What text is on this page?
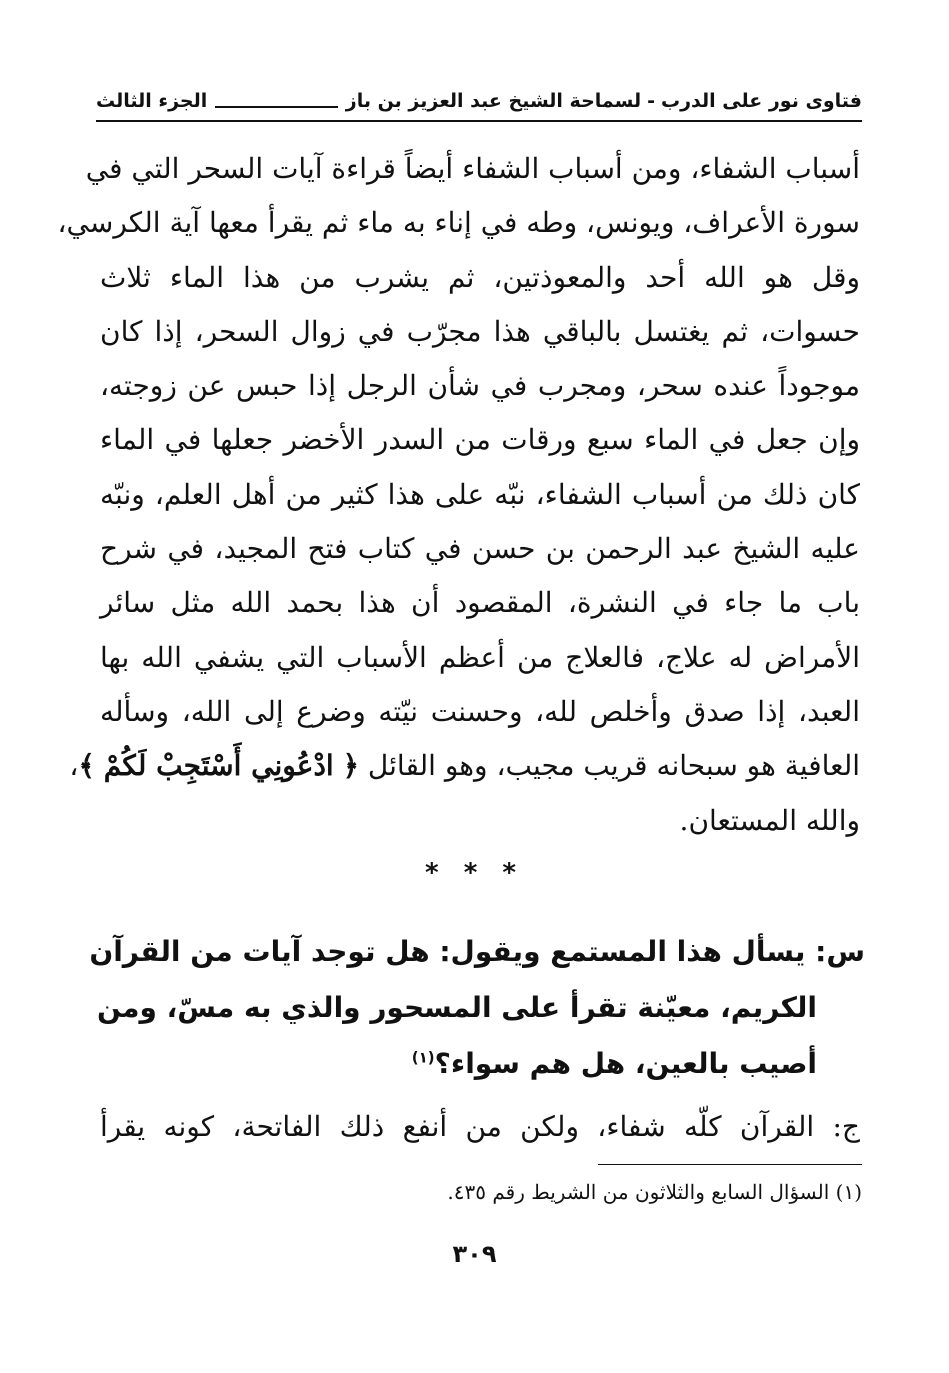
فتاوى نور على الدرب
-
لسماحة الشيخ عبد العزيز بن باز
الجزء الثالث
أسباب الشفاء، ومن أسباب الشفاء أيضاً قراءة آيات السحر التي في
سورة الأعراف، ويونس، وطه في إناء به ماء ثم يقرأ معها آية الكرسي،
وقل هو الله أحد والمعوذتين، ثم يشرب من هذا الماء ثلاث
حسوات، ثم يغتسل بالباقي هذا مجرّب في زوال السحر، إذا كان
موجوداً عنده سحر، ومجرب في شأن الرجل إذا حبس عن زوجته،
وإن جعل في الماء سبع ورقات من السدر الأخضر جعلها في الماء
كان ذلك من أسباب الشفاء، نبّه على هذا كثير من أهل العلم، ونبّه
عليه الشيخ عبد الرحمن بن حسن في كتاب فتح المجيد، في شرح
باب ما جاء في النشرة، المقصود أن هذا بحمد الله مثل سائر
الأمراض له علاج، فالعلاج من أعظم الأسباب التي يشفي الله بها
العبد، إذا صدق وأخلص لله، وحسنت نيّته وضرع إلى الله، وسأله
العافية هو سبحانه قريب مجيب، وهو القائل ﴿ ادْعُونِي أَسْتَجِبْ لَكُمْ ﴾،
والله المستعان.
* * *
س: يسأل هذا المستمع ويقول: هل توجد آيات من القرآن
الكريم، معيّنة تقرأ على المسحور والذي به مسّ، ومن
أصيب بالعين، هل هم سواء؟$^{(١)}$
ج: القرآن كلّه شفاء، ولكن من أنفع ذلك الفاتحة، كونه يقرأ
(١) السؤال السابع والثلاثون من الشريط رقم ٤٣٥.
٣٠٩
